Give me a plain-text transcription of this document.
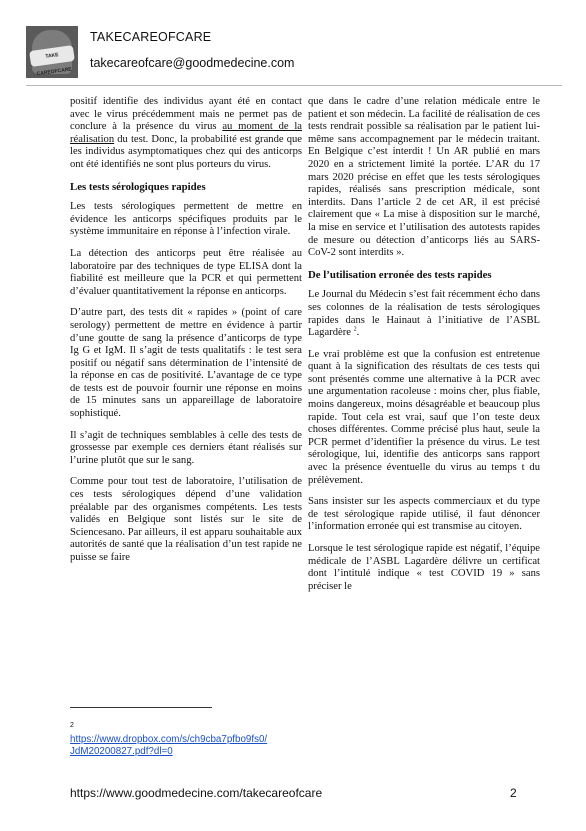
TAKE CAREOFCARE
TAKECAREOFCARE
takecareofcare@goodmedecine.com

positif identifie des individus ayant été en contact avec le virus précédemment mais ne permet pas de conclure à la présence du virus au moment de la réalisation du test. Donc, la probabilité est grande que les individus asymptomatiques chez qui des anticorps ont été identifiés ne sont plus porteurs du virus.

Les tests sérologiques rapides

Les tests sérologiques permettent de mettre en évidence les anticorps spécifiques produits par le système immunitaire en réponse à l’infection virale.

La détection des anticorps peut être réalisée au laboratoire par des techniques de type ELISA dont la fiabilité est meilleure que la PCR et qui permettent d’évaluer quantitativement la réponse en anticorps.

D’autre part, des tests dit « rapides » (point of care serology) permettent de mettre en évidence à partir d’une goutte de sang la présence d’anticorps de type Ig G et IgM. Il s’agit de tests qualitatifs : le test sera positif ou négatif sans détermination de l’intensité de la réponse en cas de positivité. L’avantage de ce type de tests est de pouvoir fournir une réponse en moins de 15 minutes sans un appareillage de laboratoire sophistiqué.

Il s’agit de techniques semblables à celle des tests de grossesse par exemple ces derniers étant réalisés sur l’urine plutôt que sur le sang.

Comme pour tout test de laboratoire, l’utilisation de ces tests sérologiques dépend d’une validation préalable par des organismes compétents. Les tests validés en Belgique sont listés sur le site de Sciencesano. Par ailleurs, il est apparu souhaitable aux autorités de santé que la réalisation d’un test rapide ne puisse se faire

que dans le cadre d’une relation médicale entre le patient et son médecin. La facilité de réalisation de ces tests rendrait possible sa réalisation par le patient lui-même sans accompagnement par le médecin traitant. En Belgique c’est interdit ! Un AR publié en mars 2020 en a strictement limité la portée. L’AR du 17 mars 2020 précise en effet que les tests sérologiques rapides, réalisés sans prescription médicale, sont interdits. Dans l’article 2 de cet AR, il est précisé clairement que « La mise à disposition sur le marché, la mise en service et l’utilisation des autotests rapides de mesure ou détection d’anticorps liés au SARS-CoV-2 sont interdits ».

De l’utilisation erronée des tests rapides

Le Journal du Médecin s’est fait récemment écho dans ses colonnes de la réalisation de tests sérologiques rapides dans le Hainaut à l’initiative de l’ASBL Lagardère $^2$.

Le vrai problème est que la confusion est entretenue quant à la signification des résultats de ces tests qui sont présentés comme une alternative à la PCR avec une argumentation racoleuse : moins cher, plus fiable, moins dangereux, moins désagréable et beaucoup plus rapide. Tout cela est vrai, sauf que l’on teste deux choses différentes. Comme précisé plus haut, seule la PCR permet d’identifier la présence du virus. Le test sérologique, lui, identifie des anticorps sans rapport avec la présence éventuelle du virus au temps t du prélèvement.

Sans insister sur les aspects commerciaux et du type de test sérologique rapide utilisé, il faut dénoncer l’information erronée qui est transmise au citoyen.

Lorsque le test sérologique rapide est négatif, l’équipe médicale de l’ASBL Lagardère délivre un certificat dont l’intitulé indique « test COVID 19 » sans préciser le

2
https://www.dropbox.com/s/ch9cba7pfbo9fs0/
JdM20200827.pdf?dl=0
https://www.goodmedecine.com/takecareofcare	2
